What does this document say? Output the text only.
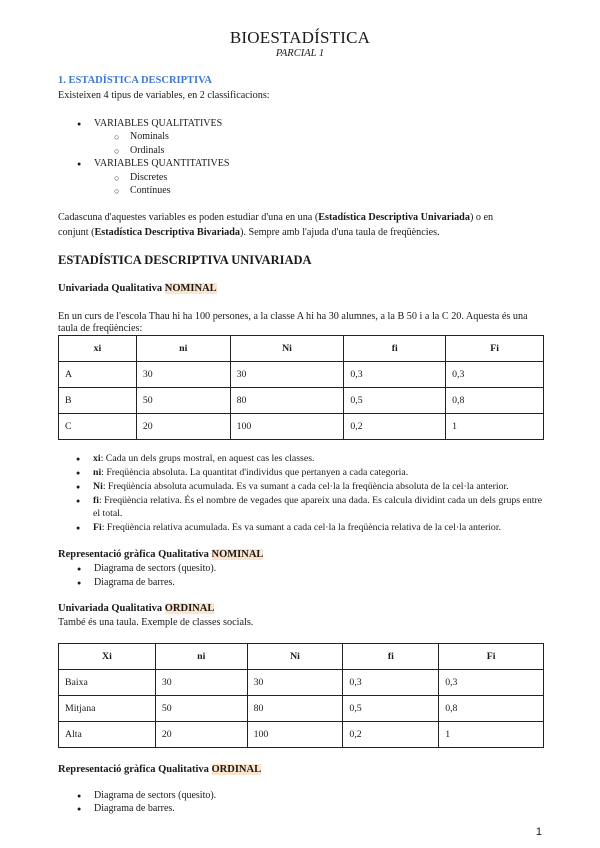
BIOESTADÍSTICA
PARCIAL 1
1. ESTADÍSTICA DESCRIPTIVA
Existeixen 4 tipus de variables, en 2 classificacions:
● VARIABLES QUALITATIVES
○ Nominals
○ Ordinals
● VARIABLES QUANTITATIVES
○ Discretes
○ Contínues
Cadascuna d'aquestes variables es poden estudiar d'una en una (Estadística Descriptiva Univariada) o en
conjunt (Estadística Descriptiva Bivariada). Sempre amb l'ajuda d'una taula de freqüències.
ESTADÍSTICA DESCRIPTIVA UNIVARIADA
Univariada Qualitativa NOMINAL
En un curs de l'escola Thau hi ha 100 persones, a la classe A hi ha 30 alumnes, a la B 50 i a la C 20. Aquesta és una
taula de freqüències:
xi	ni	Ni	fi	Fi
A	30	30	0,3	0,3
B	50	80	0,5	0,8
C	20	100	0,2	1
● xi: Cada un dels grups mostral, en aquest cas les classes.
● ni: Freqüència absoluta. La quantitat d'individus que pertanyen a cada categoria.
● Ni: Freqüència absoluta acumulada. Es va sumant a cada cel·la la freqüència absoluta de la cel·la anterior.
● fi: Freqüència relativa. És el nombre de vegades que apareix una dada. Es calcula dividint cada un dels grups entre el total.
● Fi: Freqüència relativa acumulada. Es va sumant a cada cel·la la freqüència relativa de la cel·la anterior.
Representació gràfica Qualitativa NOMINAL
● Diagrama de sectors (quesito).
● Diagrama de barres.
Univariada Qualitativa ORDINAL
També és una taula. Exemple de classes socials.
Xi	ni	Ni	fi	Fi
Baixa	30	30	0,3	0,3
Mitjana	50	80	0,5	0,8
Alta	20	100	0,2	1
Representació gràfica Qualitativa ORDINAL
● Diagrama de sectors (quesito).
● Diagrama de barres.
1
